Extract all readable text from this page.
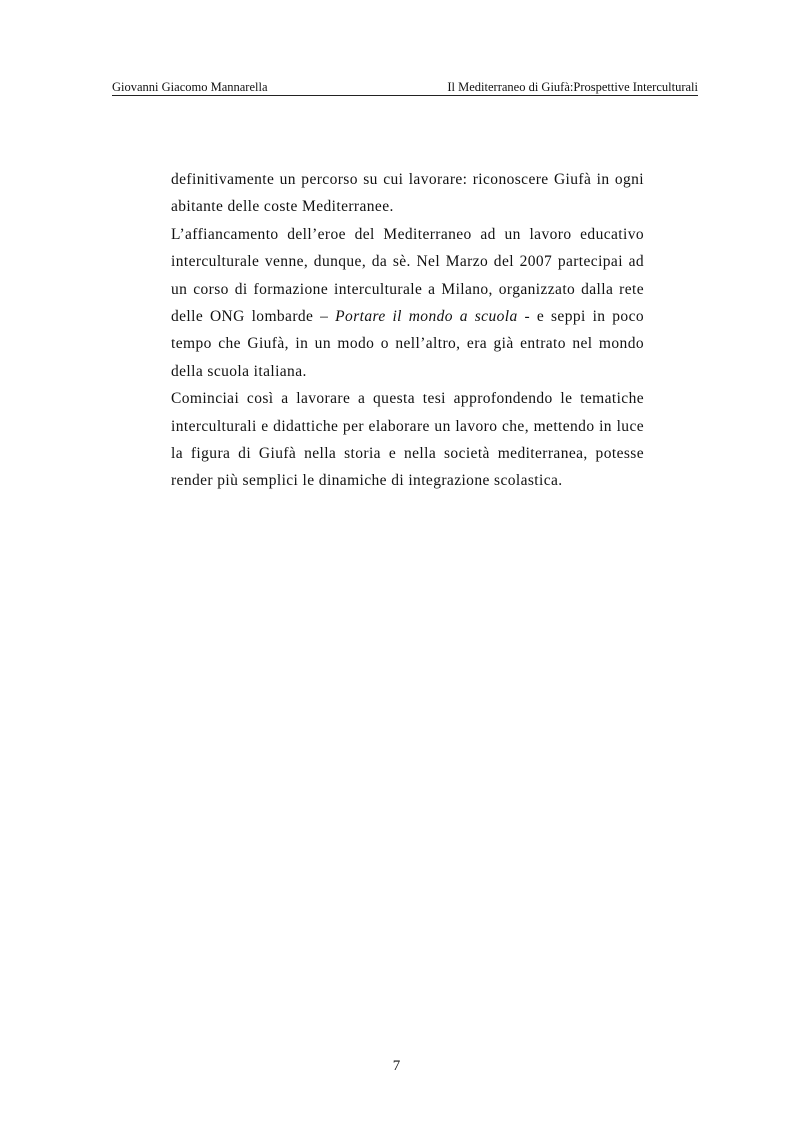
Giovanni Giacomo Mannarella	Il Mediterraneo di Giufà:Prospettive Interculturali

definitivamente un percorso su cui lavorare: riconoscere Giufà in ogni abitante delle coste Mediterranee.

L’affiancamento dell’eroe del Mediterraneo ad un lavoro educativo interculturale venne, dunque, da sè. Nel Marzo del 2007 partecipai ad un corso di formazione interculturale a Milano, organizzato dalla rete delle ONG lombarde – Portare il mondo a scuola - e seppi in poco tempo che Giufà, in un modo o nell’altro, era già entrato nel mondo della scuola italiana.

Cominciai così a lavorare a questa tesi approfondendo le tematiche interculturali e didattiche per elaborare un lavoro che, mettendo in luce la figura di Giufà nella storia e nella società mediterranea, potesse render più semplici le dinamiche di integrazione scolastica.

7
